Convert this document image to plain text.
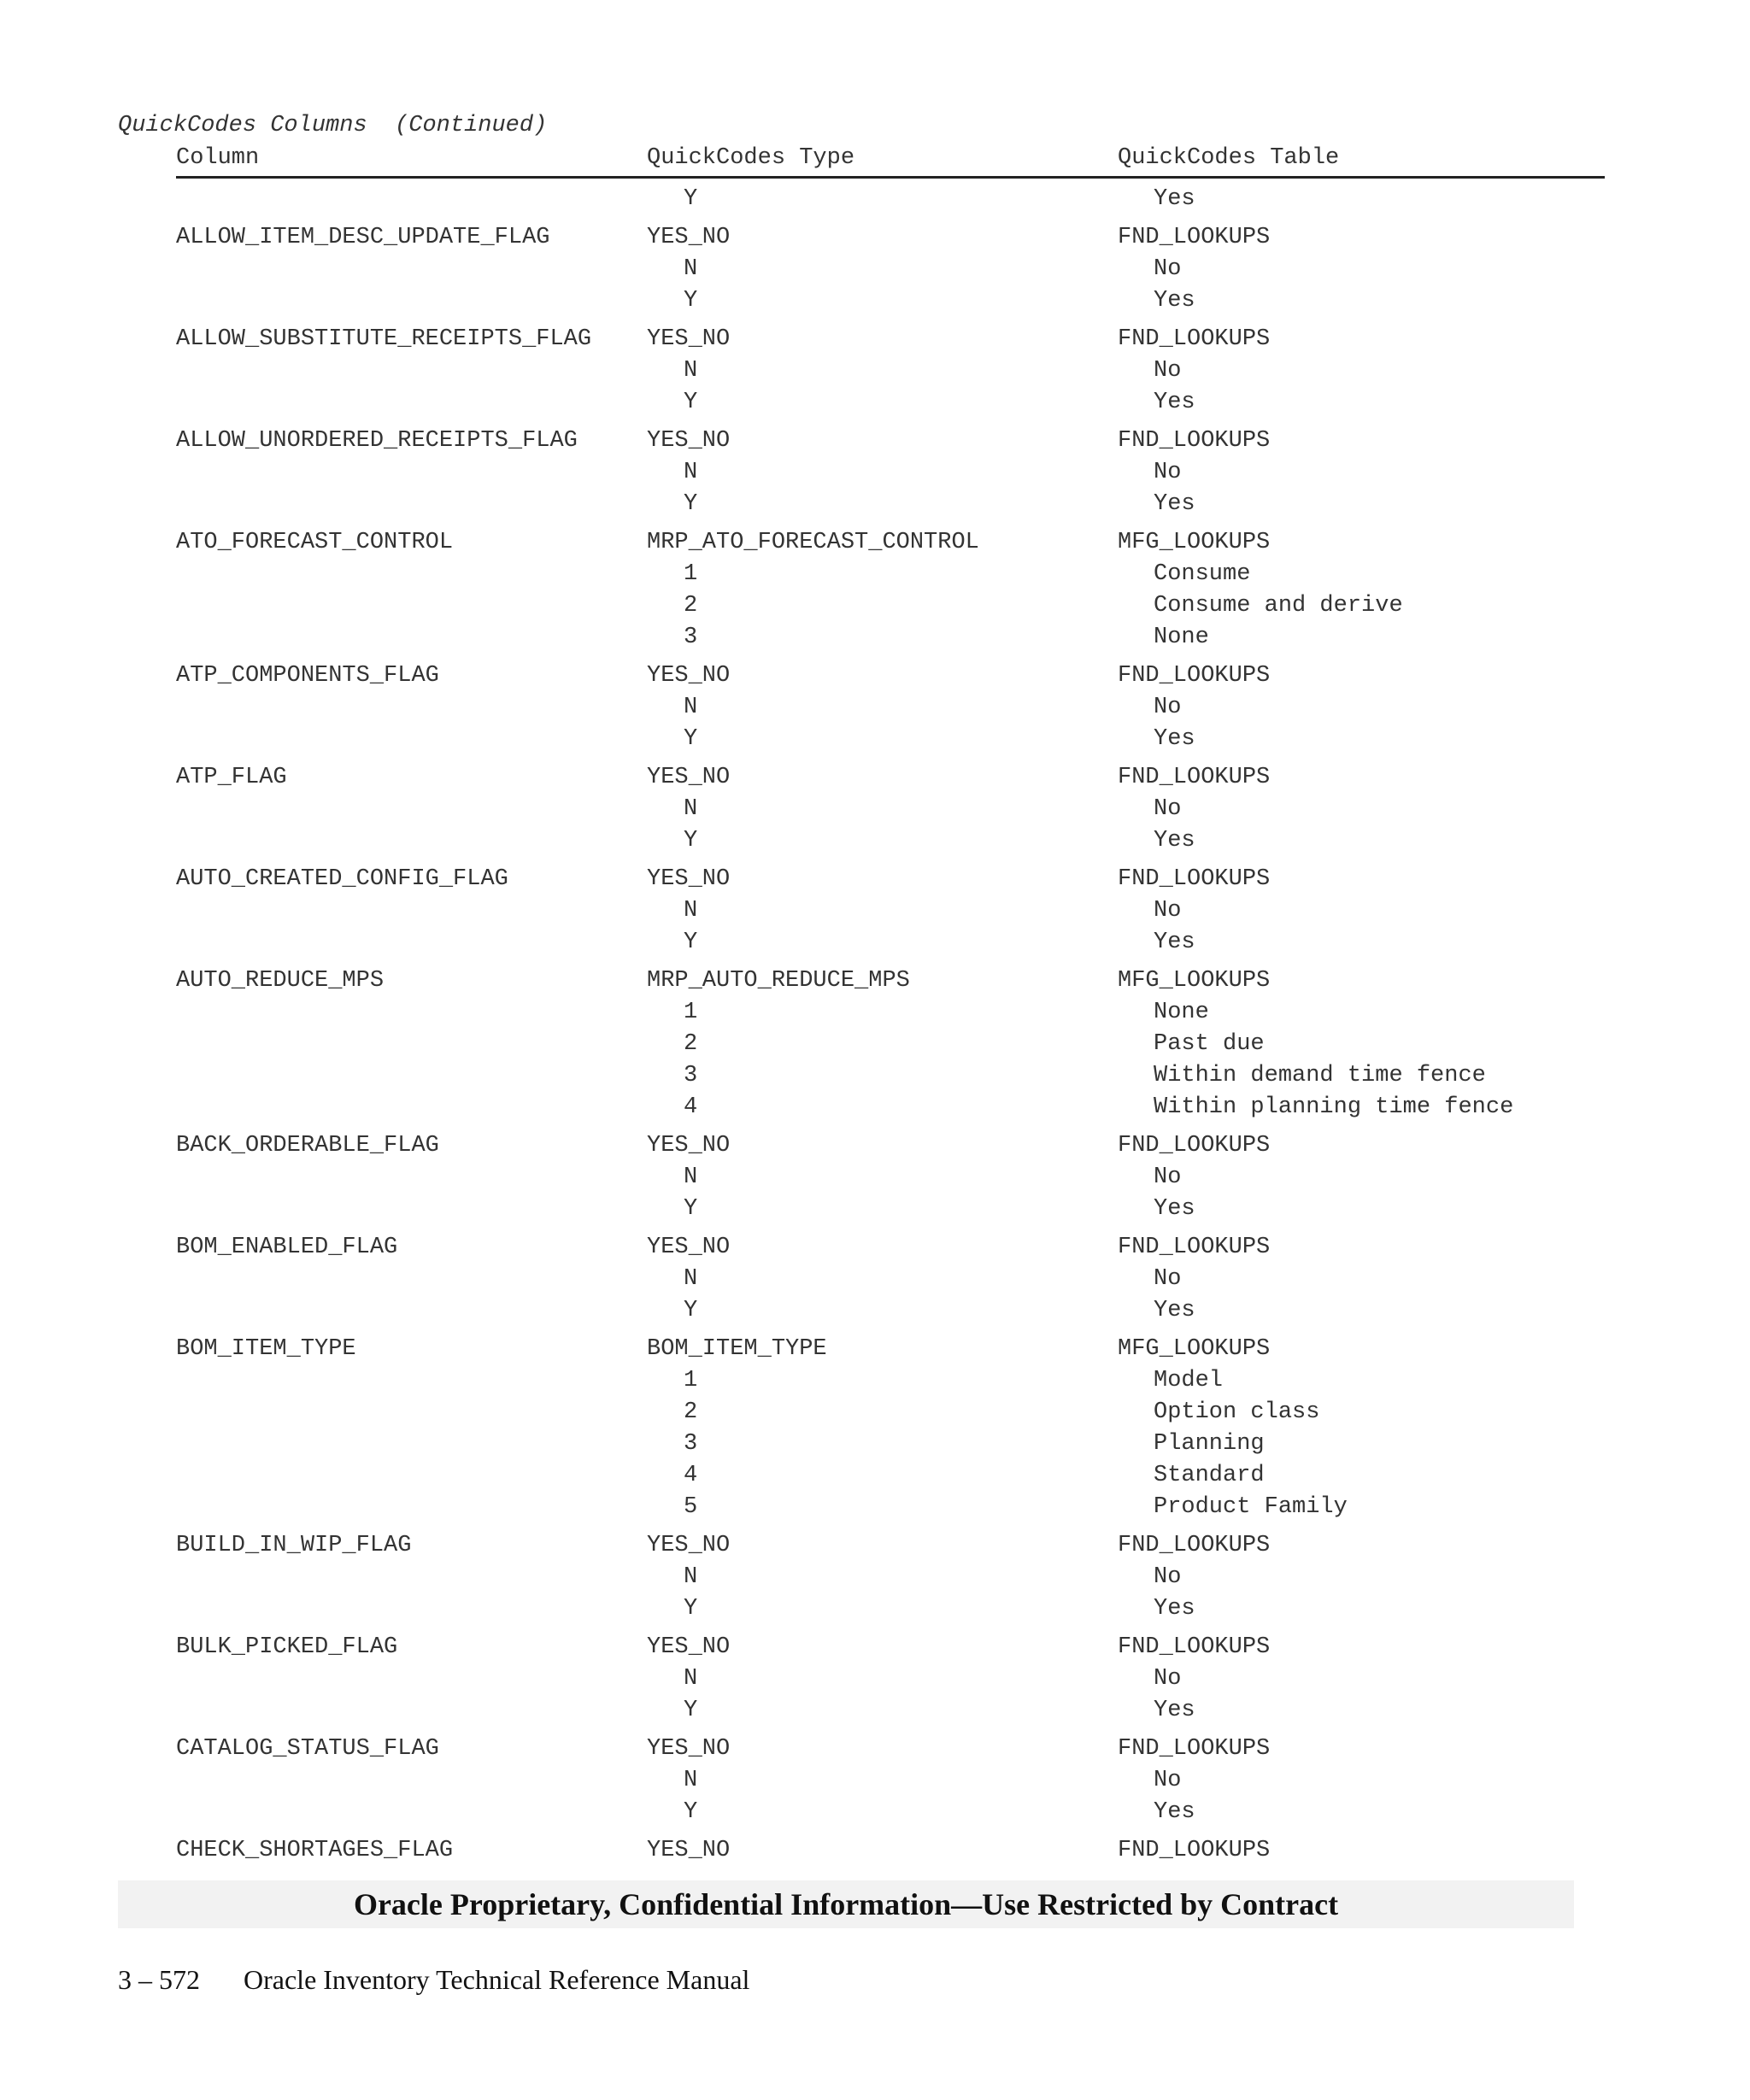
QuickCodes Columns  (Continued)
Column	QuickCodes Type	QuickCodes Table
Y	Yes
ALLOW_ITEM_DESC_UPDATE_FLAG	YES_NO	FND_LOOKUPS
N	No
Y	Yes
ALLOW_SUBSTITUTE_RECEIPTS_FLAG YES_NO	FND_LOOKUPS
N	No
Y	Yes
ALLOW_UNORDERED_RECEIPTS_FLAG	YES_NO	FND_LOOKUPS
N	No
Y	Yes
ATO_FORECAST_CONTROL	MRP_ATO_FORECAST_CONTROL	MFG_LOOKUPS
1	Consume
2	Consume and derive
3	None
ATP_COMPONENTS_FLAG	YES_NO	FND_LOOKUPS
N	No
Y	Yes
ATP_FLAG	YES_NO	FND_LOOKUPS
N	No
Y	Yes
AUTO_CREATED_CONFIG_FLAG	YES_NO	FND_LOOKUPS
N	No
Y	Yes
AUTO_REDUCE_MPS	MRP_AUTO_REDUCE_MPS	MFG_LOOKUPS
1	None
2	Past due
3	Within demand time fence
4	Within planning time fence
BACK_ORDERABLE_FLAG	YES_NO	FND_LOOKUPS
N	No
Y	Yes
BOM_ENABLED_FLAG	YES_NO	FND_LOOKUPS
N	No
Y	Yes
BOM_ITEM_TYPE	BOM_ITEM_TYPE	MFG_LOOKUPS
1	Model
2	Option class
3	Planning
4	Standard
5	Product Family
BUILD_IN_WIP_FLAG	YES_NO	FND_LOOKUPS
N	No
Y	Yes
BULK_PICKED_FLAG	YES_NO	FND_LOOKUPS
N	No
Y	Yes
CATALOG_STATUS_FLAG	YES_NO	FND_LOOKUPS
N	No
Y	Yes
CHECK_SHORTAGES_FLAG	YES_NO	FND_LOOKUPS
Oracle Proprietary, Confidential Information––Use Restricted by Contract
3 – 572 Oracle Inventory Technical Reference Manual
